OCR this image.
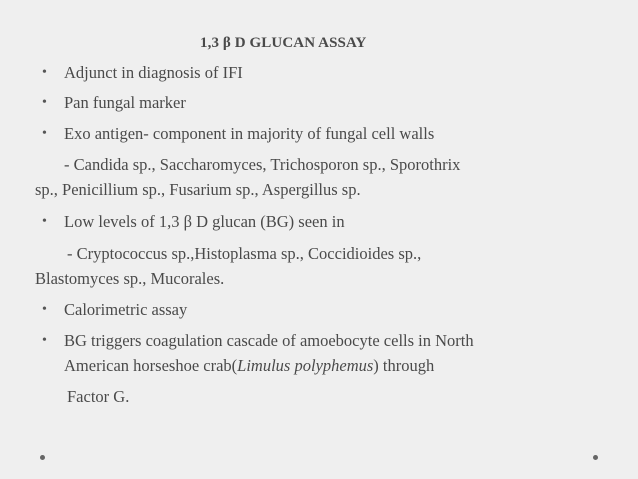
1,3 β D GLUCAN ASSAY
• Adjunct in diagnosis of IFI
• Pan fungal marker
• Exo antigen- component in majority of fungal cell walls
- Candida sp., Saccharomyces, Trichosporon sp., Sporothrix
sp., Penicillium sp., Fusarium sp., Aspergillus sp.
• Low levels of 1,3 β D glucan (BG) seen in
- Cryptococcus sp.,Histoplasma sp., Coccidioides sp.,
Blastomyces sp., Mucorales.
• Calorimetric assay
• BG triggers coagulation cascade of amoebocyte cells in North
American horseshoe crab(Limulus polyphemus) through
Factor G.
